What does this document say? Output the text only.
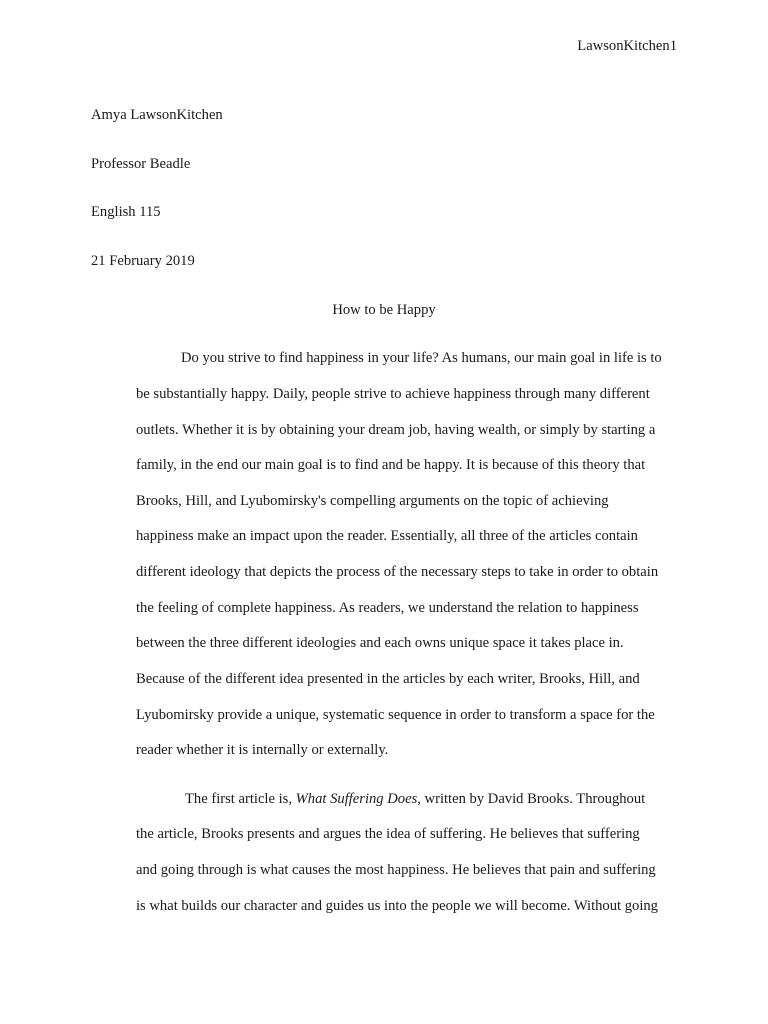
LawsonKitchen1
Amya LawsonKitchen
Professor Beadle
English 115
21 February 2019
How to be Happy
Do you strive to find happiness in your life? As humans, our main goal in life is to
be substantially happy. Daily, people strive to achieve happiness through many different
outlets. Whether it is by obtaining your dream job, having wealth, or simply by starting a
family, in the end our main goal is to find and be happy. It is because of this theory that
Brooks, Hill, and Lyubomirsky's compelling arguments on the topic of achieving
happiness make an impact upon the reader. Essentially, all three of the articles contain
different ideology that depicts the process of the necessary steps to take in order to obtain
the feeling of complete happiness. As readers, we understand the relation to happiness
between the three different ideologies and each owns unique space it takes place in.
Because of the different idea presented in the articles by each writer, Brooks, Hill, and
Lyubomirsky provide a unique, systematic sequence in order to transform a space for the
reader whether it is internally or externally.
The first article is, What Suffering Does, written by David Brooks. Throughout
the article, Brooks presents and argues the idea of suffering. He believes that suffering
and going through is what causes the most happiness. He believes that pain and suffering
is what builds our character and guides us into the people we will become. Without going
